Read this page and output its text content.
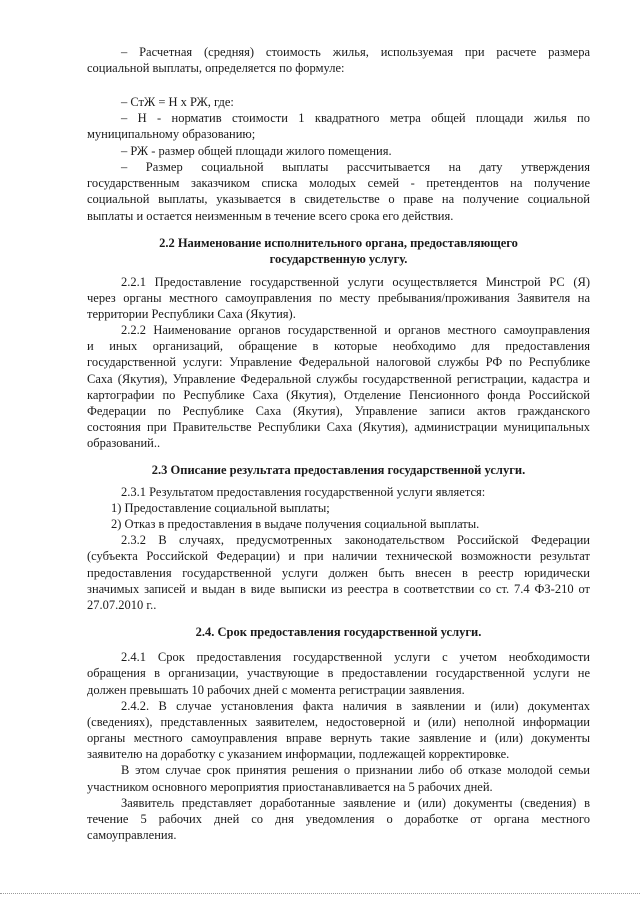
– Расчетная (средняя) стоимость жилья, используемая при расчете размера
социальной выплаты, определяется по формуле:
– СтЖ = Н х РЖ, где:
– Н - норматив стоимости 1 квадратного метра общей площади жилья по
муниципальному образованию;
– РЖ - размер общей площади жилого помещения.
– Размер социальной выплаты рассчитывается на дату утверждения
государственным заказчиком списка молодых семей - претендентов на получение
социальной выплаты, указывается в свидетельстве о праве на получение социальной
выплаты и остается неизменным в течение всего срока его действия.
2.2 Наименование исполнительного органа, предоставляющего
государственную услугу.
2.2.1 Предоставление государственной услуги осуществляется Минстрой РС (Я)
через органы местного самоуправления по месту пребывания/проживания Заявителя на
территории Республики Саха (Якутия).
2.2.2 Наименование органов государственной и органов местного самоуправления
и иных организаций, обращение в которые необходимо для предоставления
государственной услуги: Управление Федеральной налоговой службы РФ по Республике
Саха (Якутия), Управление Федеральной службы государственной регистрации, кадастра и
картографии по Республике Саха (Якутия), Отделение Пенсионного фонда Российской
Федерации по Республике Саха (Якутия), Управление записи актов гражданского
состояния при Правительстве Республики Саха (Якутия), администрации муниципальных
образований..
2.3 Описание результата предоставления государственной услуги.
2.3.1 Результатом предоставления государственной услуги является:
1) Предоставление социальной выплаты;
2) Отказ в предоставления в выдаче получения социальной выплаты.
2.3.2 В случаях, предусмотренных законодательством Российской Федерации
(субъекта Российской Федерации) и при наличии технической возможности результат
предоставления государственной услуги должен быть внесен в реестр юридически
значимых записей и выдан в виде выписки из реестра в соответствии со ст. 7.4 ФЗ-210 от
27.07.2010 г..
2.4. Срок предоставления государственной услуги.
2.4.1 Срок предоставления государственной услуги с учетом необходимости
обращения в организации, участвующие в предоставлении государственной услуги не
должен превышать 10 рабочих дней с момента регистрации заявления.
2.4.2. В случае установления факта наличия в заявлении и (или) документах
(сведениях), представленных заявителем, недостоверной и (или) неполной информации
органы местного самоуправления вправе вернуть такие заявление и (или) документы
заявителю на доработку с указанием информации, подлежащей корректировке.
В этом случае срок принятия решения о признании либо об отказе молодой семьи
участником основного мероприятия приостанавливается на 5 рабочих дней.
Заявитель представляет доработанные заявление и (или) документы (сведения) в
течение 5 рабочих дней со дня уведомления о доработке от органа местного
самоуправления.
